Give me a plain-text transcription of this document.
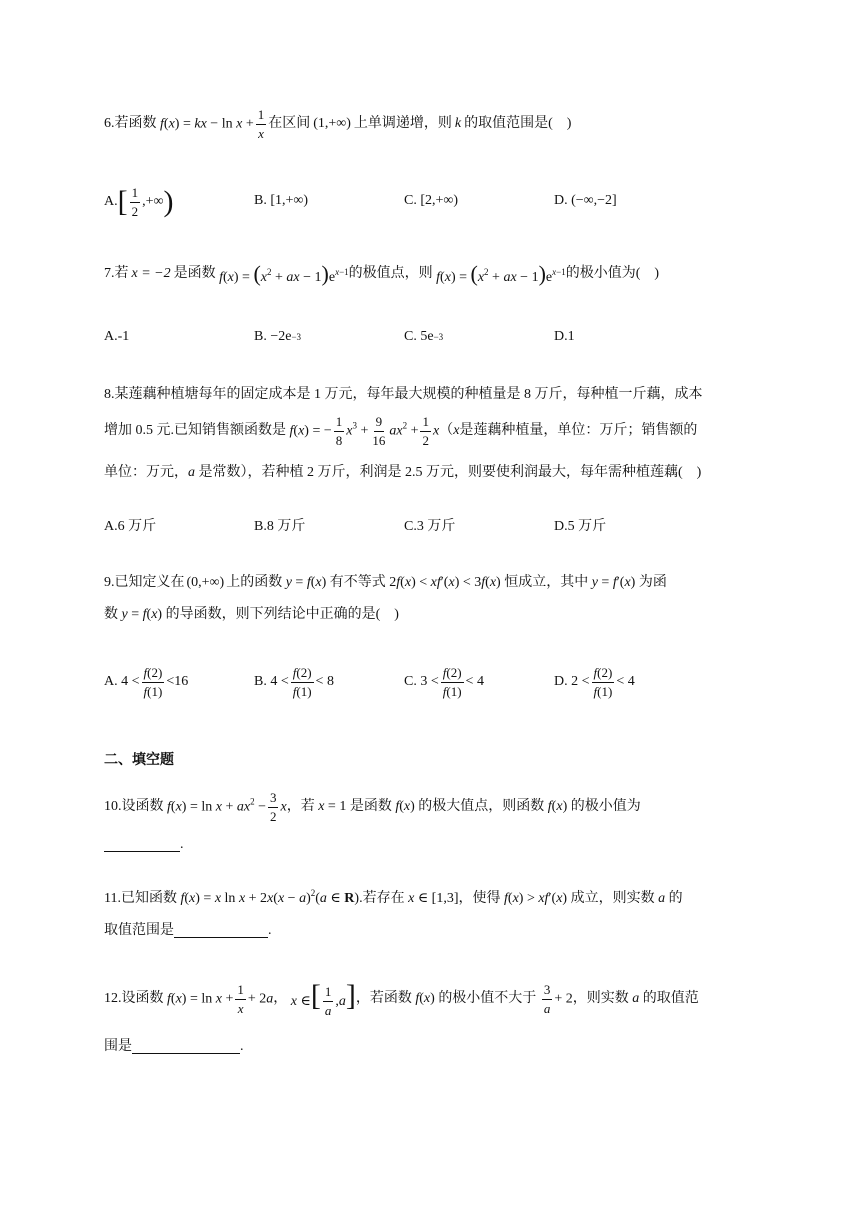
6. 若函数 f(x) = kx − $\ln x + \frac{1}{x}$ 在区间 (1,+∞) 上单调递增，则 k 的取值范围是(　)
A. [ $\frac{1}{2}$ ,+∞ )	B. [1,+∞)	C. [2,+∞)	D. (−∞,−2]
7. 若 x = −2 是函数 $f(x) = (x^2$ + ax − $1)e^{x-1}$ 的极值点，则 $f(x) = (x^2$ + ax − $1)e^{x-1}$ 的极小值为(　)
A.-1	B. −2e −3	C. 5e −3	D.1
8.某莲藕种植塘每年的固定成本是 1 万元，每年最大规模的种植量是 8 万斤，每种植一斤藕，成本
增加 0.5 元.已知销售额函数是 f(x) = − $\frac{1}{8} x^3 + \frac{9}{16} ax^2 + \frac{1}{2}$ x （ x 是莲藕种植量，单位：万斤；销售额的
单位：万元， a
是常数），若种植 2 万斤，利润是 2.5 万元，则要使利润最大，每年需种植莲藕(　)
A.6 万斤	B.8 万斤	C.3 万斤	D.5 万斤
9. 已知定义在 (0,+∞) 上的函数 y = f(x) 有不等式 2f(x) < xf′(x) < 3f(x) 恒成立，其中 y = f′(x) 为函
数 y = f(x) 的导函数，则下列结论中正确的是(　)
A.
$4 < \frac{f(2)}{f(1)} < 16$	B.
$4 < \frac{f(2)}{f(1)} < 8$	C.
$3 < \frac{f(2)}{f(1)} < 4$	D.
$2 < \frac{f(2)}{f(1)} < 4$
二、填空题
10. 设函数 $f(x) = \ln x + ax^2 - \frac{3}{2}$ x ，若 x = 1 是函数 f(x) 的极大值点，则函数 f(x) 的极小值为
.
11. 已知函数 f(x) = x $\ln x + 2x(x - a)^2(a$ ∈ R) .若存在 x ∈ [1,3] ，使得 f(x) > xf′(x) 成立，则实数 a 的
取值范围是	.
12. 设函数 $f(x) = \ln x + \frac{1}{x} + 2a$ ， x ∈[ $\frac{1}{a} ,a$] ，若函数 f(x) 的极小值不大于
$\frac{3}{a} + 2$ ，则实数 a 的取值范
围是	.
